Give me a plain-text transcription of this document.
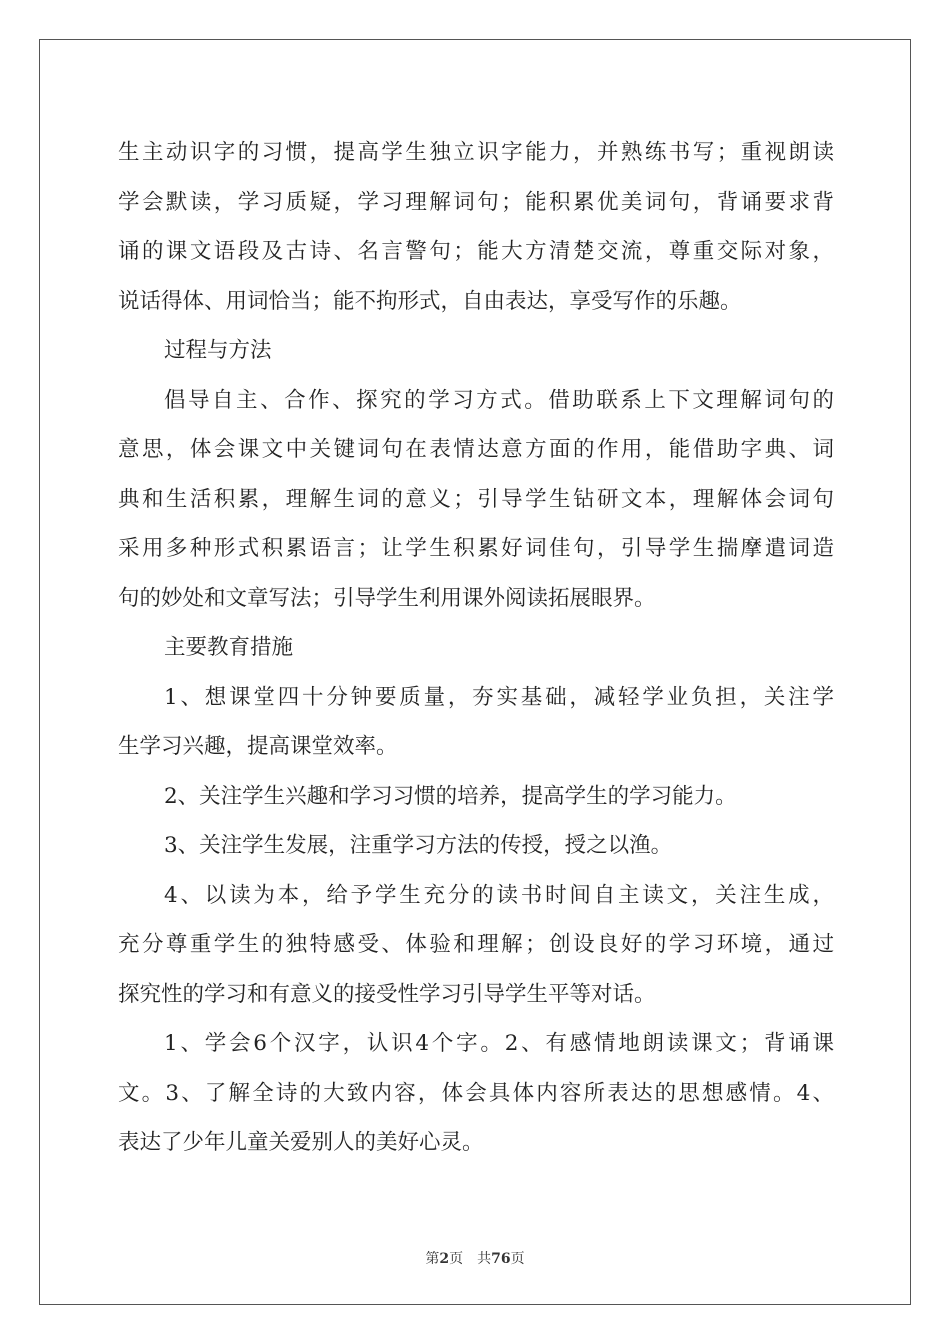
生主动识字的习惯，提高学生独立识字能力，并熟练书写；重视朗读
学会默读，学习质疑，学习理解词句；能积累优美词句，背诵要求背
诵的课文语段及古诗、名言警句；能大方清楚交流，尊重交际对象，
说话得体、用词恰当；能不拘形式，自由表达，享受写作的乐趣。
过程与方法
倡导自主、合作、探究的学习方式。借助联系上下文理解词句的
意思，体会课文中关键词句在表情达意方面的作用，能借助字典、词
典和生活积累，理解生词的意义；引导学生钻研文本，理解体会词句
采用多种形式积累语言；让学生积累好词佳句，引导学生揣摩遣词造
句的妙处和文章写法；引导学生利用课外阅读拓展眼界。
主要教育措施
1、想课堂四十分钟要质量，夯实基础，减轻学业负担，关注学
生学习兴趣，提高课堂效率。
2、关注学生兴趣和学习习惯的培养，提高学生的学习能力。
3、关注学生发展，注重学习方法的传授，授之以渔。
4、以读为本，给予学生充分的读书时间自主读文，关注生成，
充分尊重学生的独特感受、体验和理解；创设良好的学习环境，通过
探究性的学习和有意义的接受性学习引导学生平等对话。
1、学会6个汉字，认识4个字。2、有感情地朗读课文；背诵课
文。3、了解全诗的大致内容，体会具体内容所表达的思想感情。4、
表达了少年儿童关爱别人的美好心灵。
第2页 共76页
